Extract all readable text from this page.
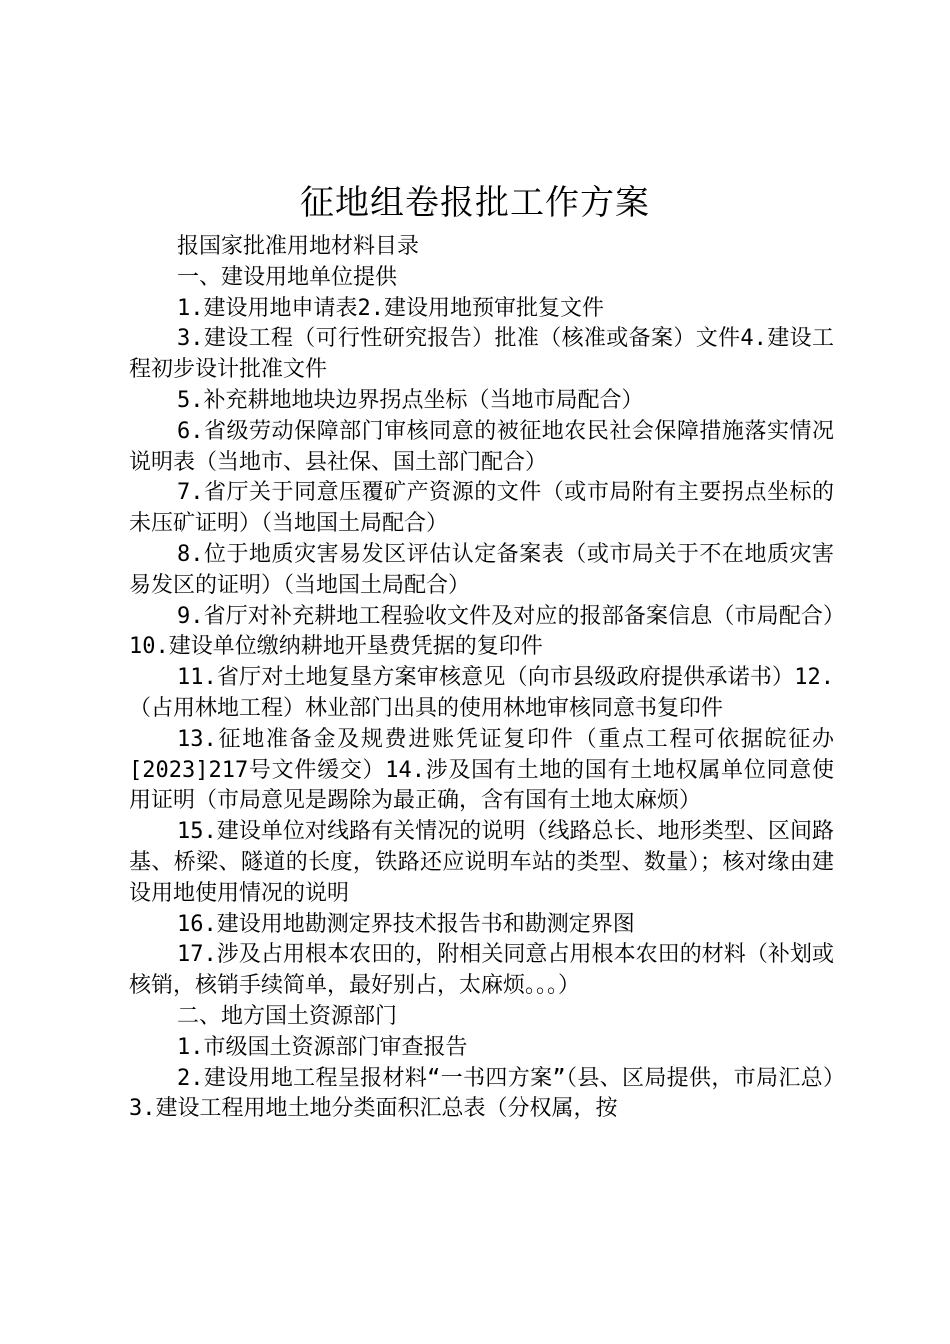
征地组卷报批工作方案

报国家批准用地材料目录

一、建设用地单位提供

1.建设用地申请表2.建设用地预审批复文件

3.建设工程（可行性研究报告）批准（核准或备案）文件4.建设工程初步设计批准文件

5.补充耕地地块边界拐点坐标（当地市局配合）

6.省级劳动保障部门审核同意的被征地农民社会保障措施落实情况说明表（当地市、县社保、国土部门配合）

7.省厅关于同意压覆矿产资源的文件（或市局附有主要拐点坐标的未压矿证明）（当地国土局配合）

8.位于地质灾害易发区评估认定备案表（或市局关于不在地质灾害易发区的证明）（当地国土局配合）

9.省厅对补充耕地工程验收文件及对应的报部备案信息（市局配合）10.建设单位缴纳耕地开垦费凭据的复印件

11.省厅对土地复垦方案审核意见（向市县级政府提供承诺书）12.（占用林地工程）林业部门出具的使用林地审核同意书复印件

13.征地准备金及规费进账凭证复印件（重点工程可依据皖征办[2023]217号文件缓交）14.涉及国有土地的国有土地权属单位同意使用证明（市局意见是踢除为最正确，含有国有土地太麻烦）

15.建设单位对线路有关情况的说明（线路总长、地形类型、区间路基、桥梁、隧道的长度，铁路还应说明车站的类型、数量）；核对缘由建设用地使用情况的说明

16.建设用地勘测定界技术报告书和勘测定界图

17.涉及占用根本农田的，附相关同意占用根本农田的材料（补划或核销，核销手续简单，最好别占，太麻烦。。。）

二、地方国土资源部门

1.市级国土资源部门审查报告

2.建设用地工程呈报材料“一书四方案”（县、区局提供，市局汇总）3.建设工程用地土地分类面积汇总表（分权属，按
